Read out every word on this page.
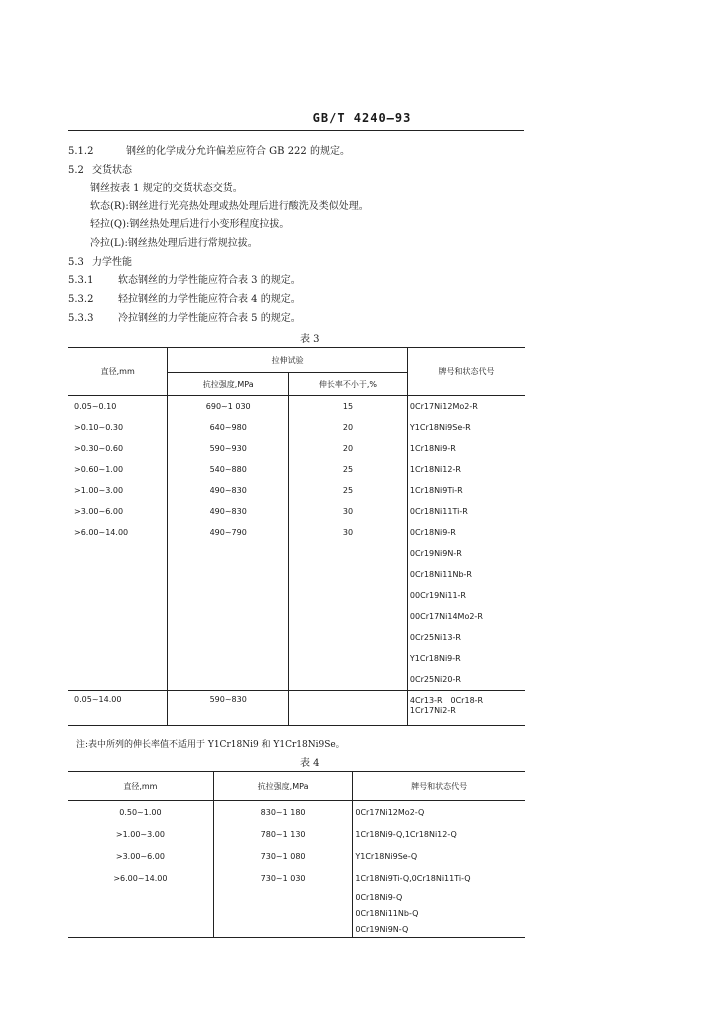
GB/T 4240—93
5.1.2	钢丝的化学成分允许偏差应符合 GB 222 的规定。
5.2 交货状态
钢丝按表 1 规定的交货状态交货。
软态(R):钢丝进行光亮热处理或热处理后进行酸洗及类似处理。
轻拉(Q):钢丝热处理后进行小变形程度拉拔。
冷拉(L):钢丝热处理后进行常规拉拔。
5.3 力学性能
5.3.1 软态钢丝的力学性能应符合表 3 的规定。
5.3.2 轻拉钢丝的力学性能应符合表 4 的规定。
5.3.3 冷拉钢丝的力学性能应符合表 5 的规定。
表 3
直径,mm	拉伸试验		牌号和状态代号
	抗拉强度,MPa	伸长率不小于,%	
0.05~0.10	690~1 030	15	0Cr17Ni12Mo2-R
>0.10~0.30	640~980	20	Y1Cr18Ni9Se-R
>0.30~0.60	590~930	20	1Cr18Ni9-R
>0.60~1.00	540~880	25	1Cr18Ni12-R
>1.00~3.00	490~830	25	1Cr18Ni9Ti-R
>3.00~6.00	490~830	30	0Cr18Ni11Ti-R
>6.00~14.00	490~790	30	0Cr18Ni9-R
			0Cr19Ni9N-R
			0Cr18Ni11Nb-R
			00Cr19Ni11-R
			00Cr17Ni14Mo2-R
			0Cr25Ni13-R
			Y1Cr18Ni9-R
			0Cr25Ni20-R
0.05~14.00	590~830		4Cr13-R　0Cr18-R
1Cr17Ni2-R
注:表中所列的伸长率值不适用于 Y1Cr18Ni9 和 Y1Cr18Ni9Se。
表 4
直径,mm	抗拉强度,MPa	牌号和状态代号
0.50~1.00	830~1 180	0Cr17Ni12Mo2-Q
>1.00~3.00	780~1 130	1Cr18Ni9-Q,1Cr18Ni12-Q
>3.00~6.00	730~1 080	Y1Cr18Ni9Se-Q
>6.00~14.00	730~1 030	1Cr18Ni9Ti-Q,0Cr18Ni11Ti-Q
		0Cr18Ni9-Q
		0Cr18Ni11Nb-Q
		0Cr19Ni9N-Q
